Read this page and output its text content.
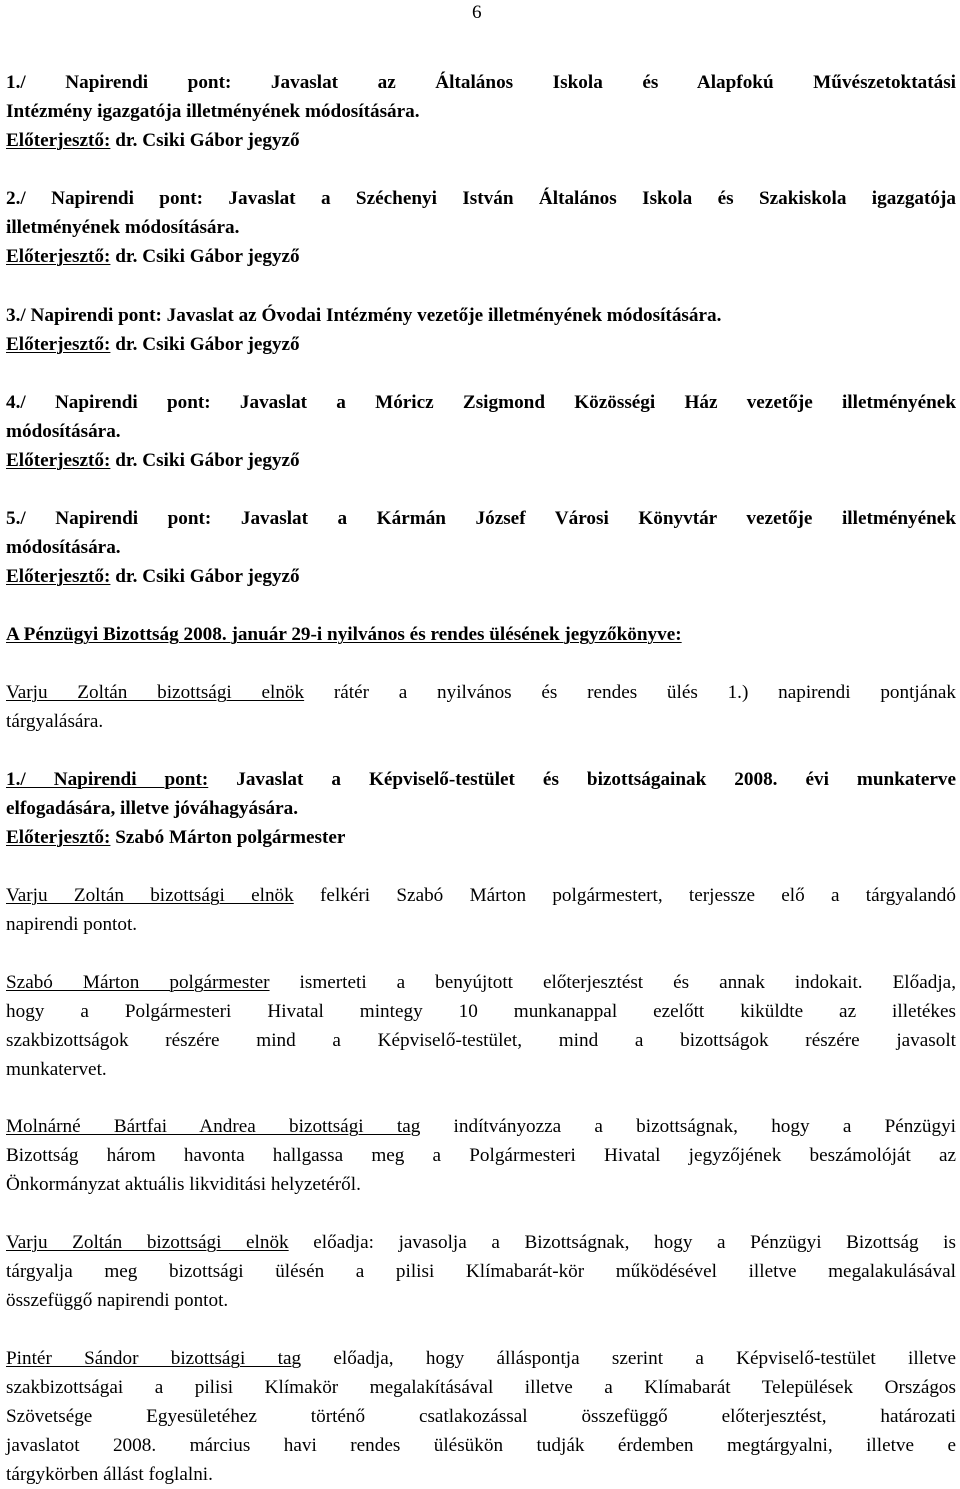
6
1./ Napirendi pont: Javaslat az Általános Iskola és Alapfokú Művészetoktatási
Intézmény igazgatója illetményének módosítására.
Előterjesztő: dr. Csiki Gábor jegyző
2./ Napirendi pont: Javaslat a Széchenyi István Általános Iskola és Szakiskola igazgatója
illetményének módosítására.
Előterjesztő: dr. Csiki Gábor jegyző
3./ Napirendi pont: Javaslat az Óvodai Intézmény vezetője illetményének módosítására.
Előterjesztő: dr. Csiki Gábor jegyző
4./ Napirendi pont: Javaslat a Móricz Zsigmond Közösségi Ház vezetője illetményének
módosítására.
Előterjesztő: dr. Csiki Gábor jegyző
5./ Napirendi pont: Javaslat a Kármán József Városi Könyvtár vezetője illetményének
módosítására.
Előterjesztő: dr. Csiki Gábor jegyző
A Pénzügyi Bizottság 2008. január 29-i nyilvános és rendes ülésének jegyzőkönyve:
Varju Zoltán bizottsági elnök rátér a nyilvános és rendes ülés 1.) napirendi pontjának
tárgyalására.
1./ Napirendi pont: Javaslat a Képviselő-testület és bizottságainak 2008. évi munkaterve
elfogadására, illetve jóváhagyására.
Előterjesztő: Szabó Márton polgármester
Varju Zoltán bizottsági elnök felkéri Szabó Márton polgármestert, terjessze elő a tárgyalandó
napirendi pontot.
Szabó Márton polgármester ismerteti a benyújtott előterjesztést és annak indokait. Előadja,
hogy a Polgármesteri Hivatal mintegy 10 munkanappal ezelőtt kiküldte az illetékes
szakbizottságok részére mind a Képviselő-testület, mind a bizottságok részére javasolt
munkatervet.
Molnárné Bártfai Andrea bizottsági tag indítványozza a bizottságnak, hogy a Pénzügyi
Bizottság három havonta hallgassa meg a Polgármesteri Hivatal jegyzőjének beszámolóját az
Önkormányzat aktuális likviditási helyzetéről.
Varju Zoltán bizottsági elnök előadja: javasolja a Bizottságnak, hogy a Pénzügyi Bizottság is
tárgyalja meg bizottsági ülésén a pilisi Klímabarát-kör működésével illetve megalakulásával
összefüggő napirendi pontot.
Pintér Sándor bizottsági tag előadja, hogy álláspontja szerint a Képviselő-testület illetve
szakbizottságai a pilisi Klímakör megalakításával illetve a Klímabarát Települések Országos
Szövetsége Egyesületéhez történő csatlakozással összefüggő előterjesztést, határozati
javaslatot 2008. március havi rendes ülésükön tudják érdemben megtárgyalni, illetve e
tárgykörben állást foglalni.
